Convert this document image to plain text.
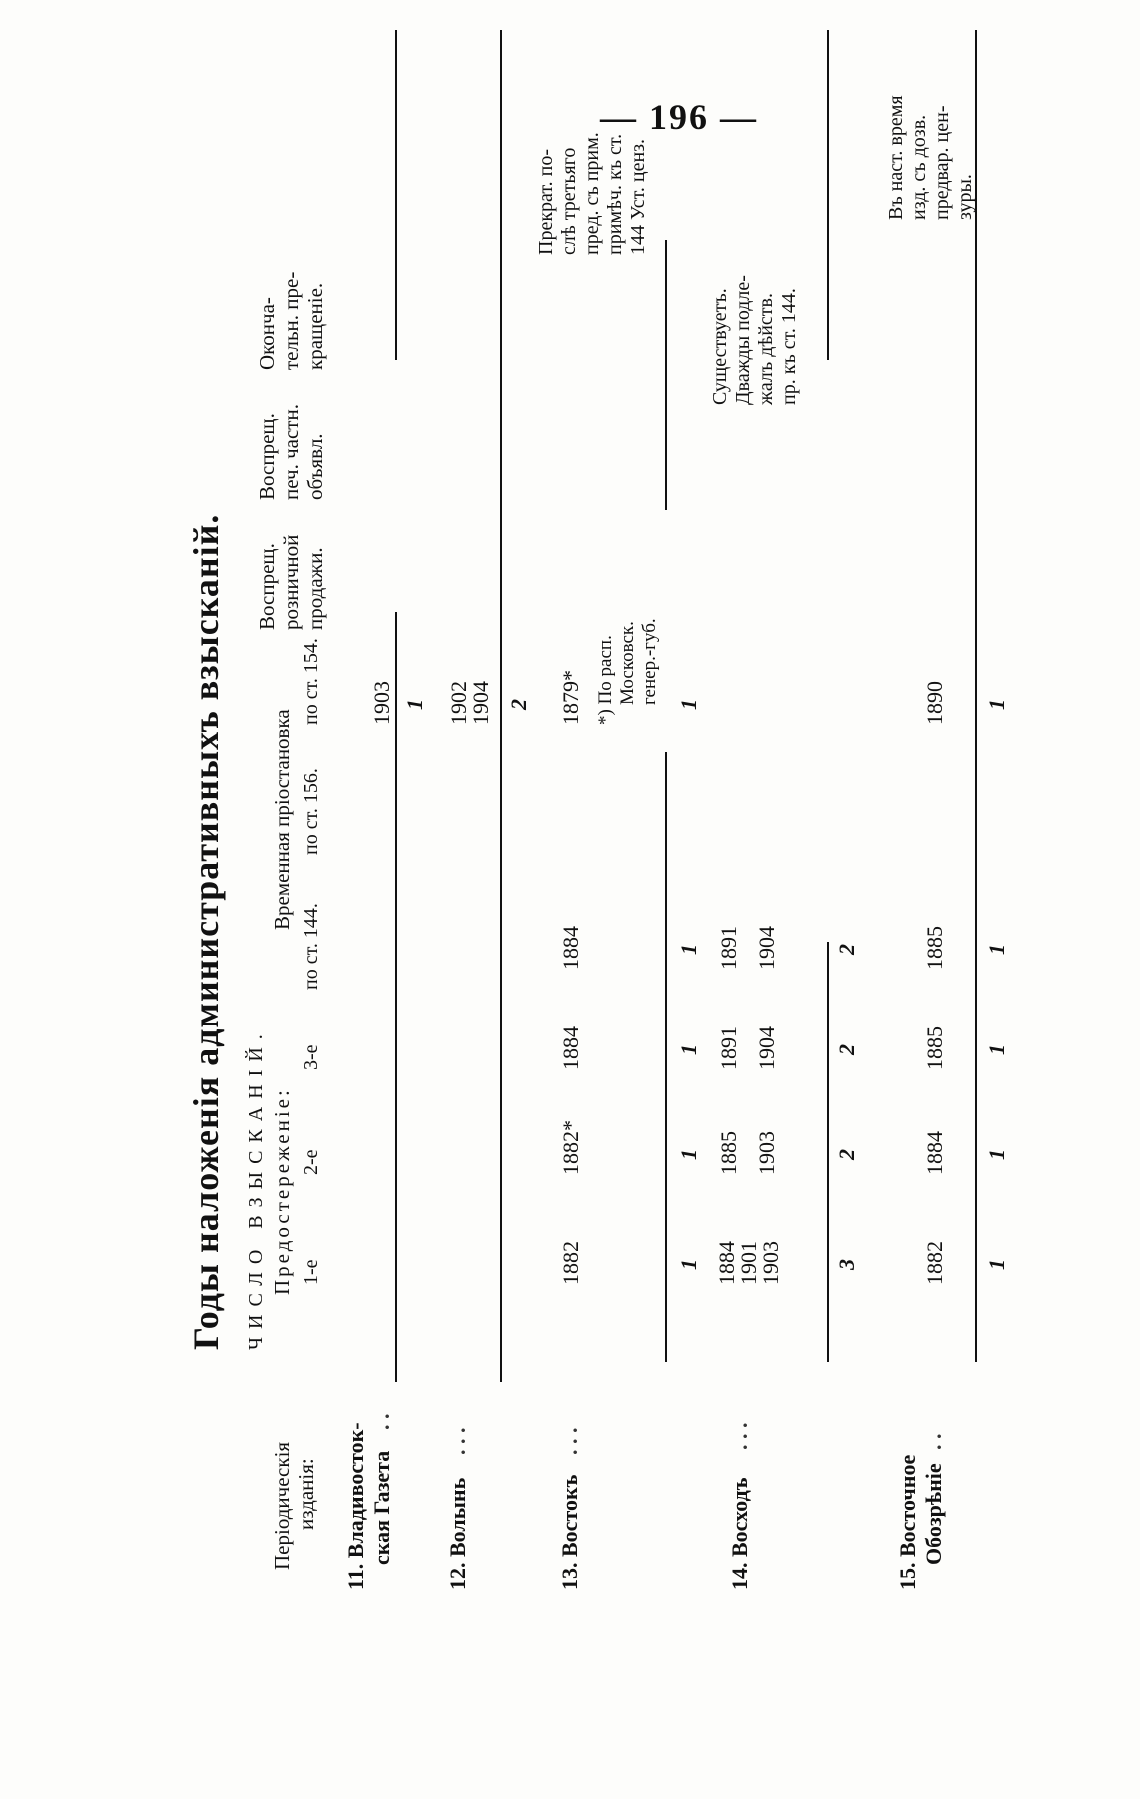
— 196 —
Годы наложенія административныхъ взысканій. ЧИСЛО ВЗЫСКАНІЙ.
Періодическія изданія:
Предостереженіе: 1-е
2-е
3-е
Временная пріостановка
по ст. 144.
по ст. 156.
по ст. 154.
Воспрещ. розничной продажи.
Воспрещ. печ. частн. объявл.
Оконча- тельн. пре- кращеніе.
11. Владивосток- ская Газета
. .
1903 1
12. Волынь
. . .
1902
1904 2
13. Востокъ
. . .
1882
1882*
1884
1884
1879* *) По расп. Московск. генер.-губ.
Прекрат. по- слѣ третьяго пред. съ прим. примѣч. къ ст. 144 Уст. ценз.
1
1
1
1
1
14. Восходъ
. . .
1884
1901
1903
1885 1903
1891 1904
1891 1904
Существуетъ. Дважды подле- жалъ дѣйств. пр. къ ст. 144.
3
2
2
2
15. Восточное Обозрѣніе
. .
1882
1884
1885
1885
1890
Въ наст. время изд. съ дозв. предвар. цен- зуры.
1
1
1
1
1
